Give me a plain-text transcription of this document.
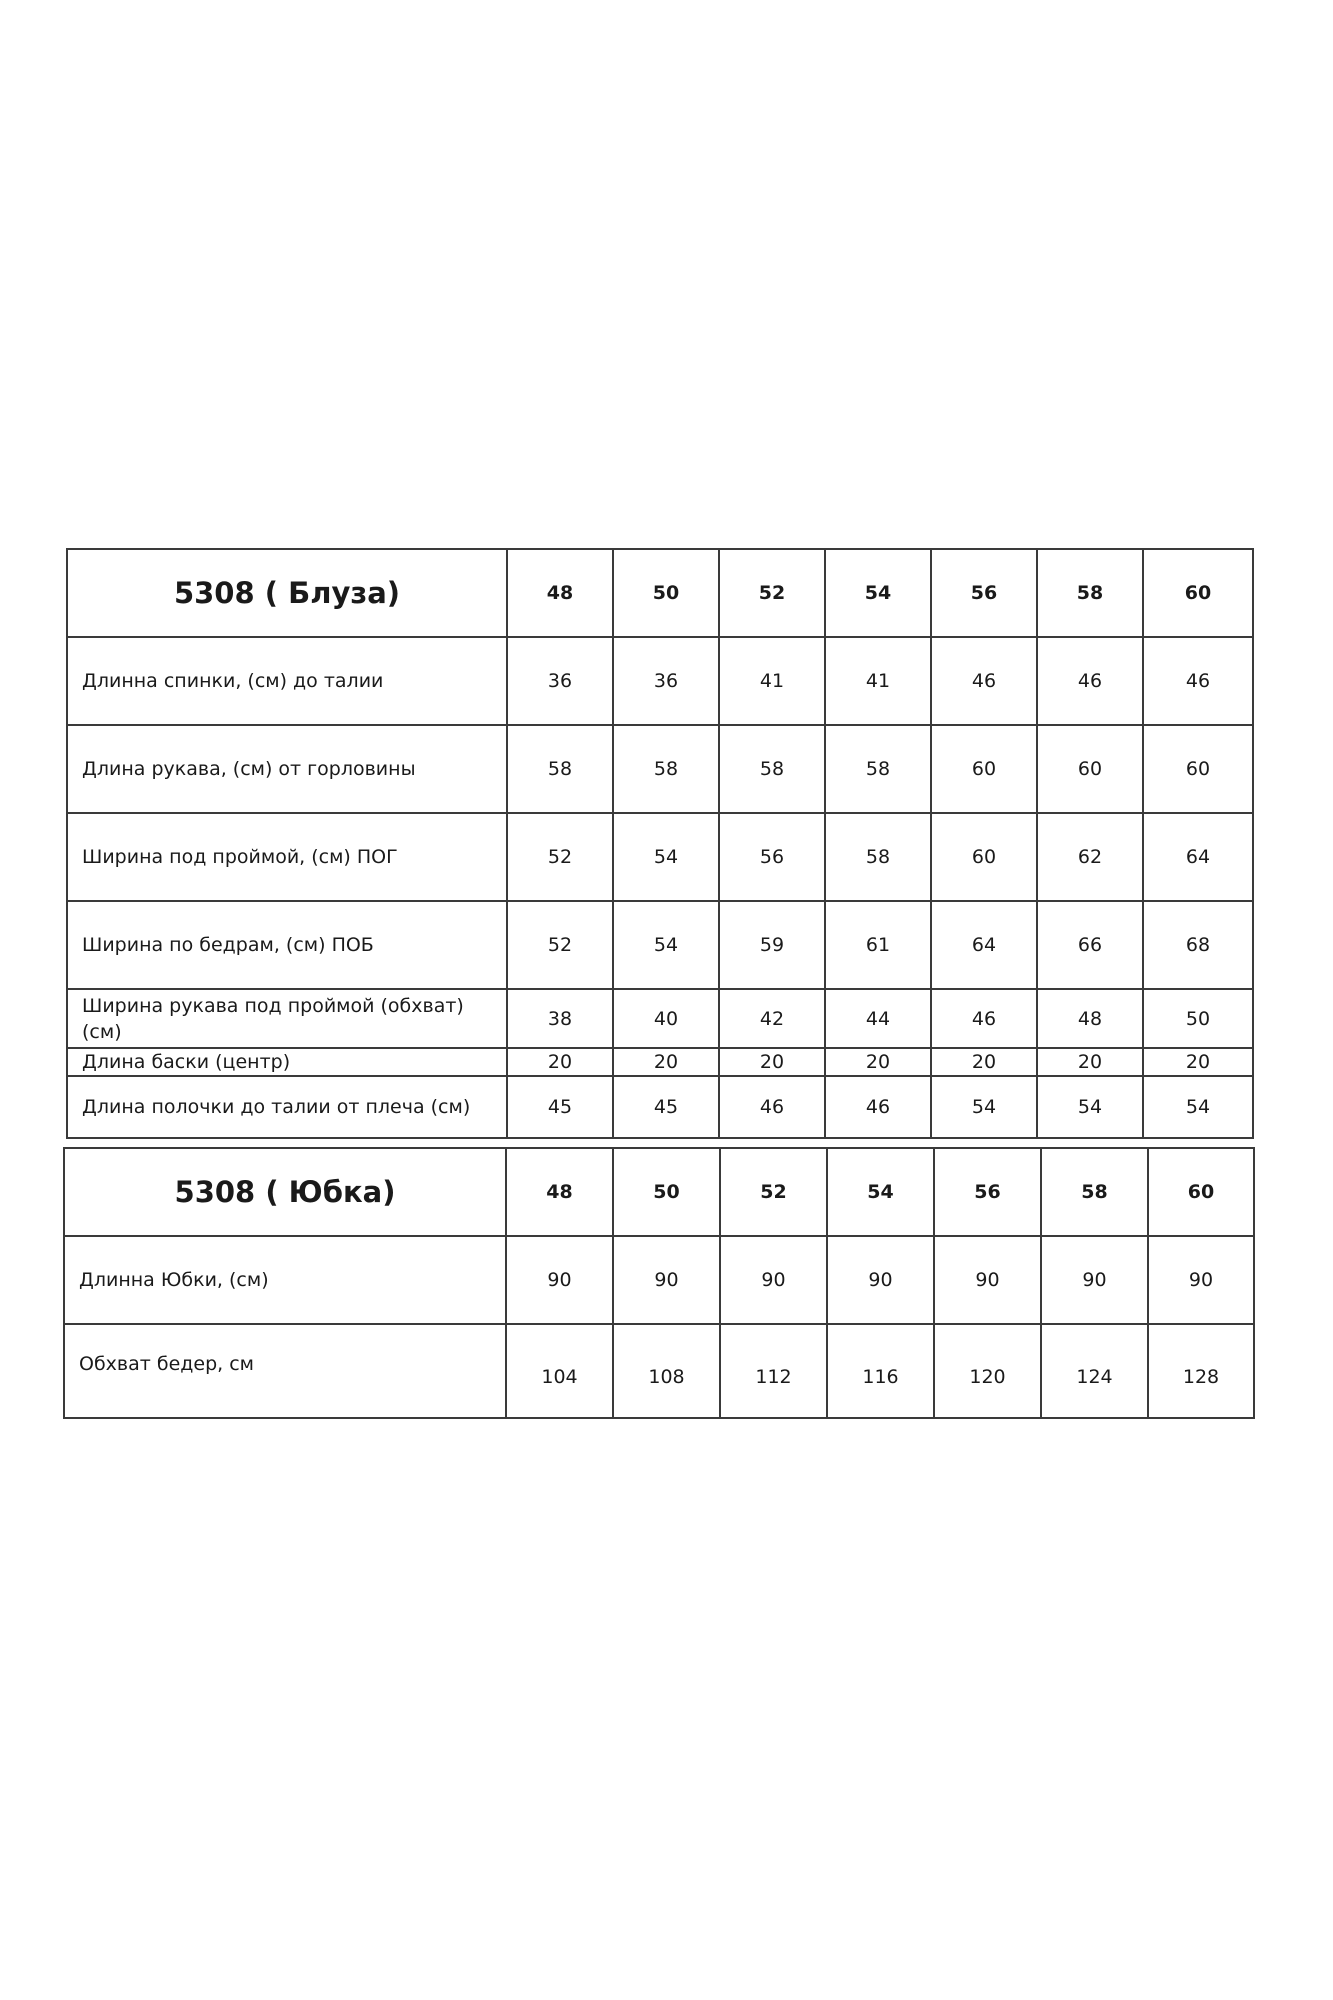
5308 ( Блуза)	48	50	52	54	56	58	60
Длинна спинки, (см) до талии	36	36	41	41	46	46	46
Длина рукава, (см) от горловины	58	58	58	58	60	60	60
Ширина под проймой, (см) ПОГ	52	54	56	58	60	62	64
Ширина по бедрам, (см) ПОБ	52	54	59	61	64	66	68
Ширина рукава под проймой (обхват) (см)	38	40	42	44	46	48	50
Длина баски (центр)	20	20	20	20	20	20	20
Длина полочки до талии от плеча (см)	45	45	46	46	54	54	54
5308 ( Юбка)	48	50	52	54	56	58	60
Длинна Юбки, (см)	90	90	90	90	90	90	90
Обхват бедер, см	104	108	112	116	120	124	128
